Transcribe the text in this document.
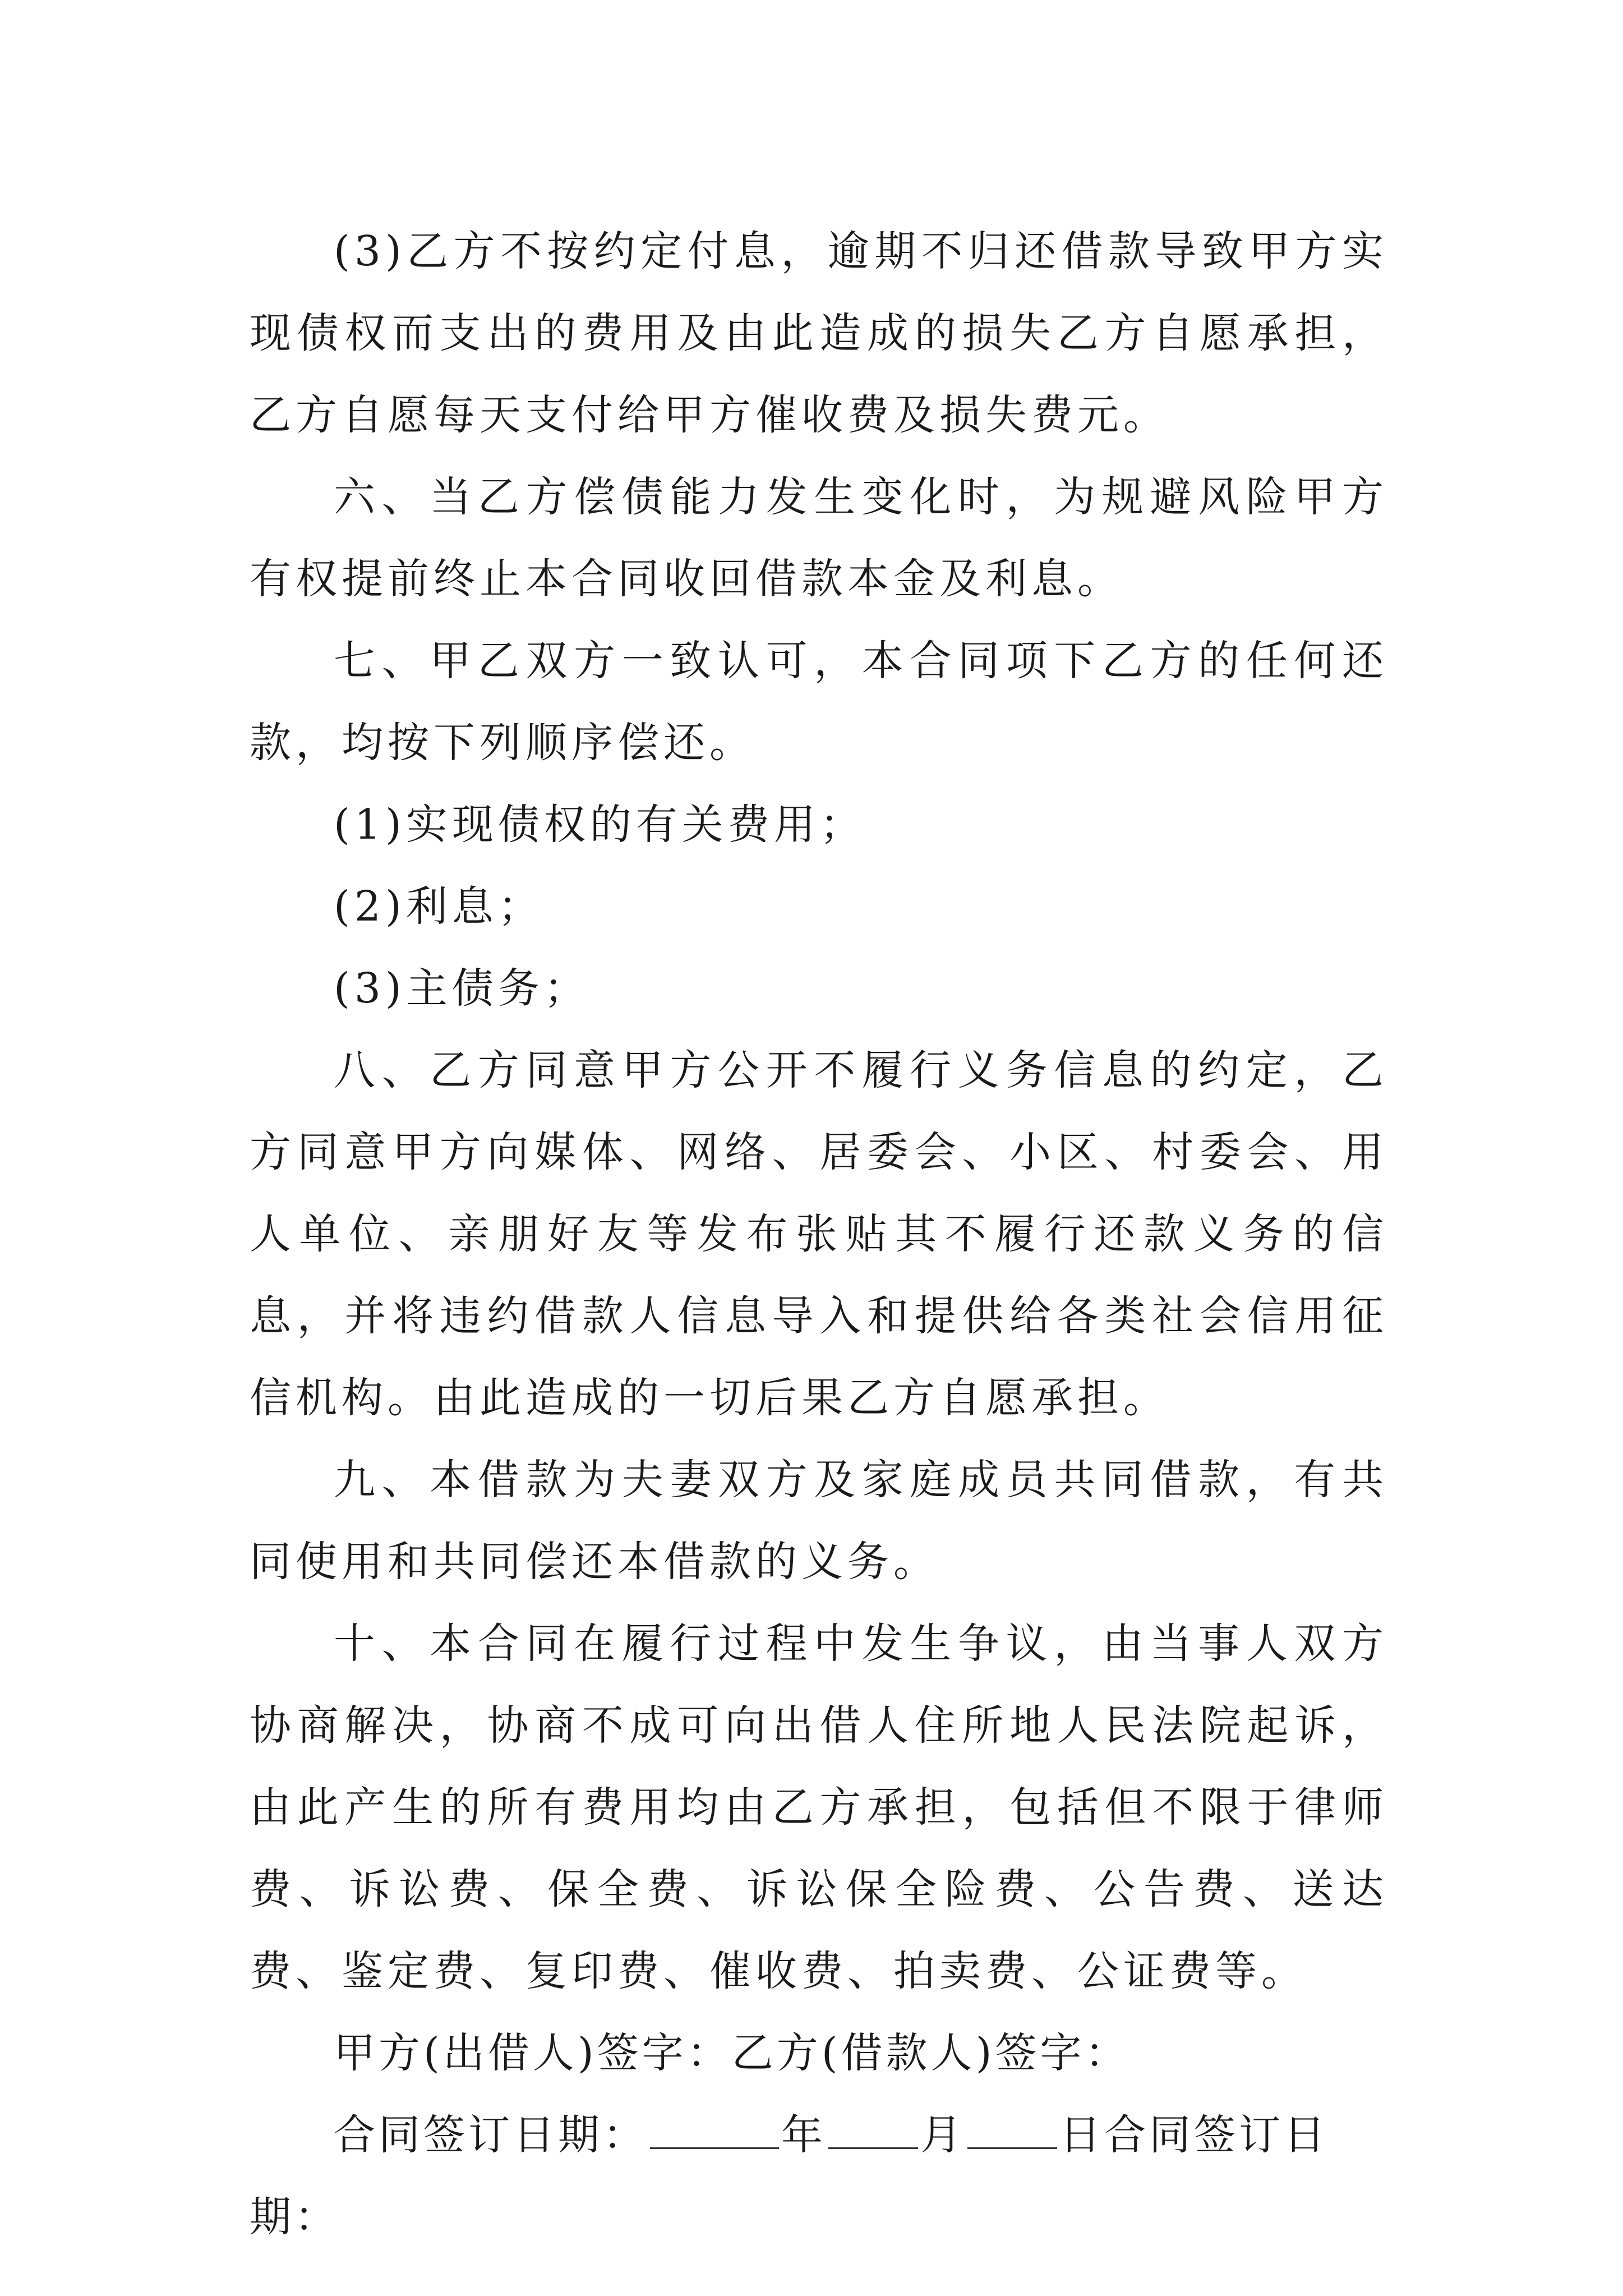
(3)乙方不按约定付息，逾期不归还借款导致甲方实现债权而支出的费用及由此造成的损失乙方自愿承担，乙方自愿每天支付给甲方催收费及损失费元。

六、当乙方偿债能力发生变化时，为规避风险甲方有权提前终止本合同收回借款本金及利息。

七、甲乙双方一致认可，本合同项下乙方的任何还款，均按下列顺序偿还。

(1)实现债权的有关费用；

(2)利息；

(3)主债务；

八、乙方同意甲方公开不履行义务信息的约定，乙方同意甲方向媒体、网络、居委会、小区、村委会、用人单位、亲朋好友等发布张贴其不履行还款义务的信息，并将违约借款人信息导入和提供给各类社会信用征信机构。由此造成的一切后果乙方自愿承担。

九、本借款为夫妻双方及家庭成员共同借款，有共同使用和共同偿还本借款的义务。

十、本合同在履行过程中发生争议，由当事人双方协商解决，协商不成可向出借人住所地人民法院起诉，由此产生的所有费用均由乙方承担，包括但不限于律师费、诉讼费、保全费、诉讼保全险费、公告费、送达费、鉴定费、复印费、催收费、拍卖费、公证费等。

甲方(出借人)签字：乙方(借款人)签字：

合同签订日期：	年 月 日合同签订日期：
